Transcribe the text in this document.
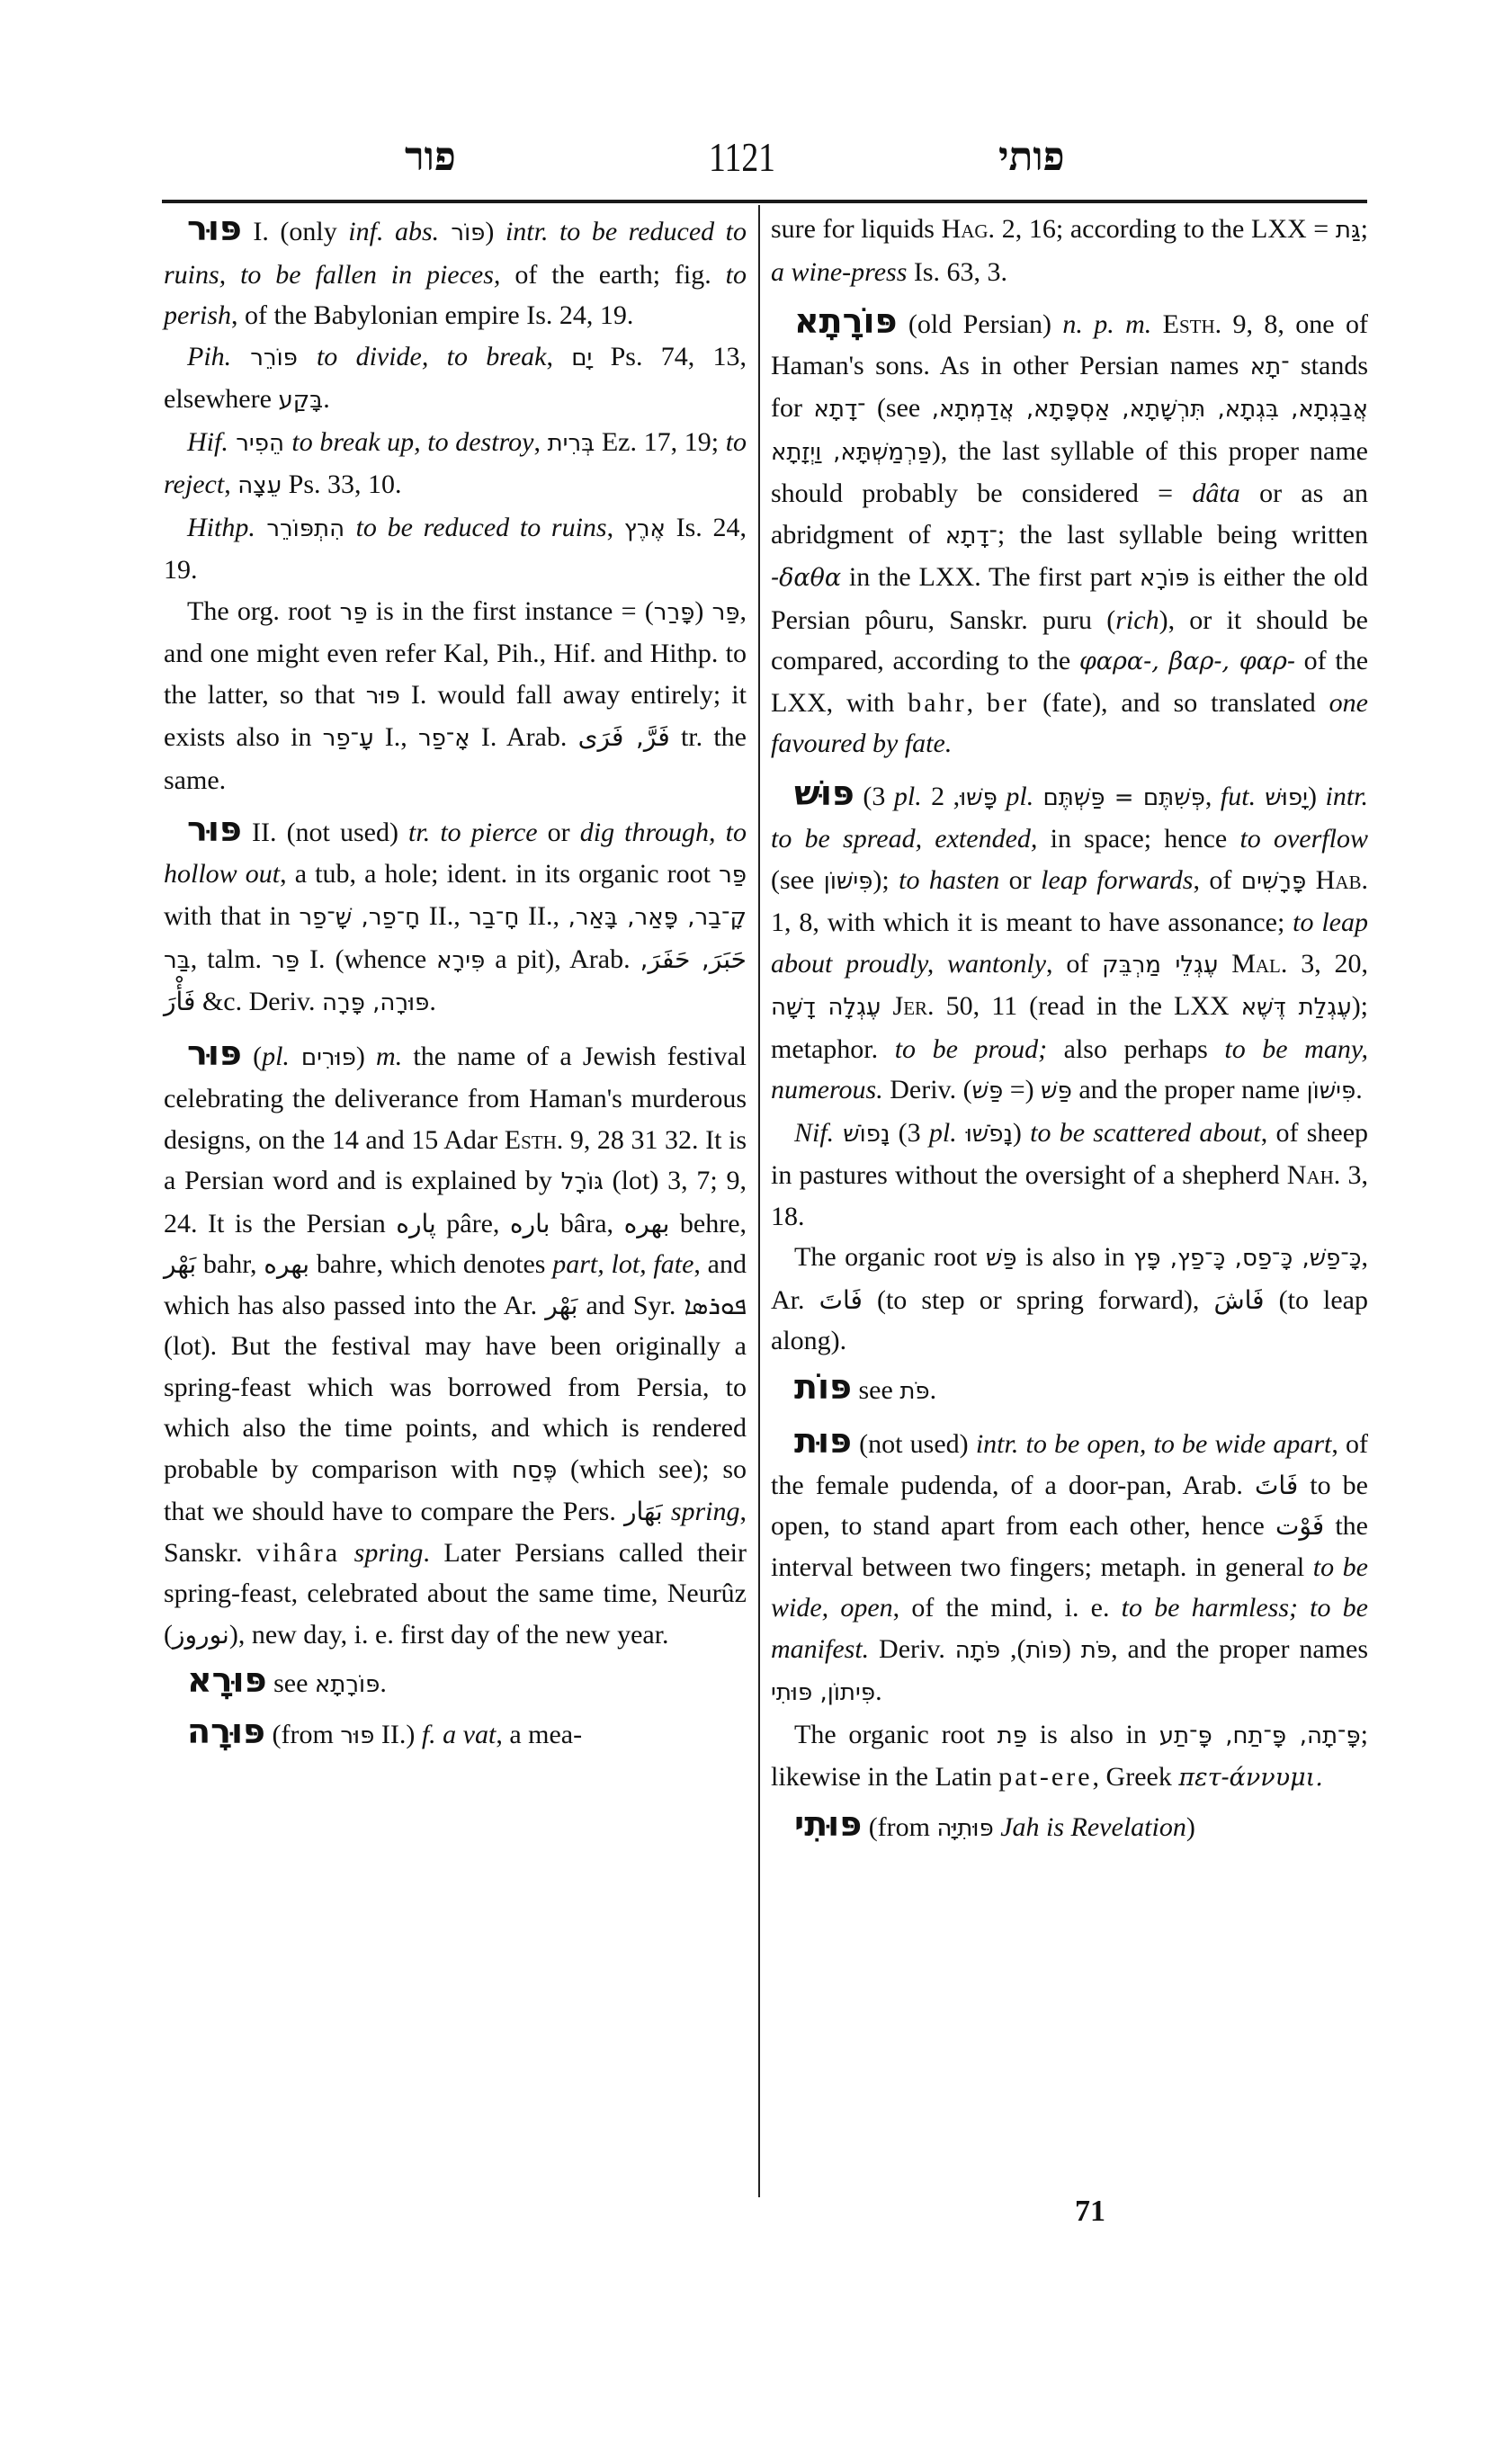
פור	1121	פותי

פּוּר I. (only inf. abs. פּוֹר) intr. to be reduced to ruins, to be fallen in pieces, of the earth; fig. to perish, of the Babylonian empire Is. 24, 19.

Pih. פּוֹרֵר to divide, to break, יָם Ps. 74, 13, elsewhere בָּקַע.

Hif. הֵפִיר to break up, to destroy, בְּרִית Ez. 17, 19; to reject, עֵצָה Ps. 33, 10.

Hithp. הִתְפּוֹרֵר to be reduced to ruins, אֶרֶץ Is. 24, 19.

The org. root פַּר is in the first instance =	פַּר (פָּרַר), and one might even refer Kal, Pih., Hif. and Hithp. to the latter, so that פּוּר I. would fall away entirely; it exists also in עָ־פַר I., אָ־פַר I. Arab. فَرَّ, فَرَى tr. the same.

פּוּר II. (not used) tr. to pierce or dig through, to hollow out, a tub, a hole; ident. in its organic root פַּר with that in חָ־פַר, שָׁ־פַר II., חָ־בַר II., קָ־בַר, פָּאַר, בָּאַר, בַּר, talm. פַּר I. (whence פִּירָא a pit), Arab. حَبَرَ, حَفَرَ, فَأْرَ &c. Deriv. פּוּרָה, פָּרָה.

פּוּר (pl. פּוּרִים) m. the name of a Jewish festival celebrating the deliverance from Haman's murderous designs, on the 14 and 15 Adar Esth. 9, 28 31 32. It is a Persian word and is explained by גּוֹרָל (lot) 3, 7; 9, 24. It is the Persian پاره pâre, باره bâra, بهره behre, بَهْر bahr, بهره bahre, which denotes part, lot, fate, and which has also passed into the Ar. بَهْر and Syr. ܦܘܪܣܐ (lot). But the festival may have been originally a spring-feast which was borrowed from Persia, to which also the time points, and which is rendered probable by comparison with פֶּסַח (which see); so that we should have to compare the Pers. بَهَار spring, Sanskr. vihâra spring. Later Persians called their spring-feast, celebrated about the same time, Neurûz (نوروز), new day, i. e. first day of the new year.

פּוּרָא see פּוֹרָתָא.

פּוּרָה (from פּוּר II.) f. a vat, a mea-

sure for liquids Hag. 2, 16; according to the LXX = גַּת; a wine-press Is. 63, 3.

פּוֹרָתָא (old Persian) n. p. m. Esth. 9, 8, one of Haman's sons. As in other Persian names ־תָא stands for ־דָתָא (see אֲבַגְתָא, בִּגְתָא, תִּרְשָׁתָא, אַסְפָּתָא, אֲדַמְתָא, פַּרְמַשְׁתָּא, וַיְזָתָא), the last syllable of this proper name should probably be considered = dâta or as an abridgment of ־דָתָא; the last syllable being written -δαθα in the LXX. The first part פּוֹרָא is either the old Persian pôuru, Sanskr. puru (rich), or it should be compared, according to the φαρα-, βαρ-, φαρ- of the LXX, with bahr, ber (fate), and so translated one favoured by fate.

פּוּשׁ (3 pl. פָּשׁוּ, 2 pl. פְּשִׁתֶּם = פַּשְׁתֶּם, fut. יָפוּשׁ) intr. to be spread, extended, in space; hence to overflow (see פִּישׁוֹן); to hasten or leap forwards, of פָּרָשִׁים Hab. 1, 8, with which it is meant to have assonance; to leap about proudly, wantonly, of עֶגְלֵי מַרְבֵּק Mal. 3, 20, עֶגְלָה דָשָׁה Jer. 50, 11 (read in the LXX עֶגְלַת דֶּשֶׁא); metaphor. to be proud; also perhaps to be many, numerous. Deriv.	פַּשׁ (= פַּשׁ) and the proper name פִּישׁוֹן.

Nif. נָפוֹשׁ (3 pl. נָפֹשׁוּ) to be scattered about, of sheep in pastures without the oversight of a shepherd Nah. 3, 18.

The organic root פַּשׁ is also in כָּ־פַשׁ, כָּ־פַס, כָּ־פַץ, פָּץ, Ar. فَاتَ (to step or spring forward), فَاشَ (to leap along).

פּוֹת see פֹּת.

פּוּת (not used) intr. to be open, to be wide apart, of the female pudenda, of a door-pan, Arab. فَاتَ to be open, to stand apart from each other, hence فَوْت the interval between two fingers; metaph. in general to be wide, open, of the mind, i. e. to be harmless; to be manifest. Deriv.	פֹּת (פּוֹת), פֹּתָה	, and the proper names פִּיתוֹן, פּוּתִי.

The organic root פַּת is also in פָּ־תָה, פָּ־תַח, פָּ־תַע; likewise in the Latin pat-ere, Greek πετ-άννυμι.

פּוּתִי (from פּוּתִיָּה Jah is Revelation)

71
